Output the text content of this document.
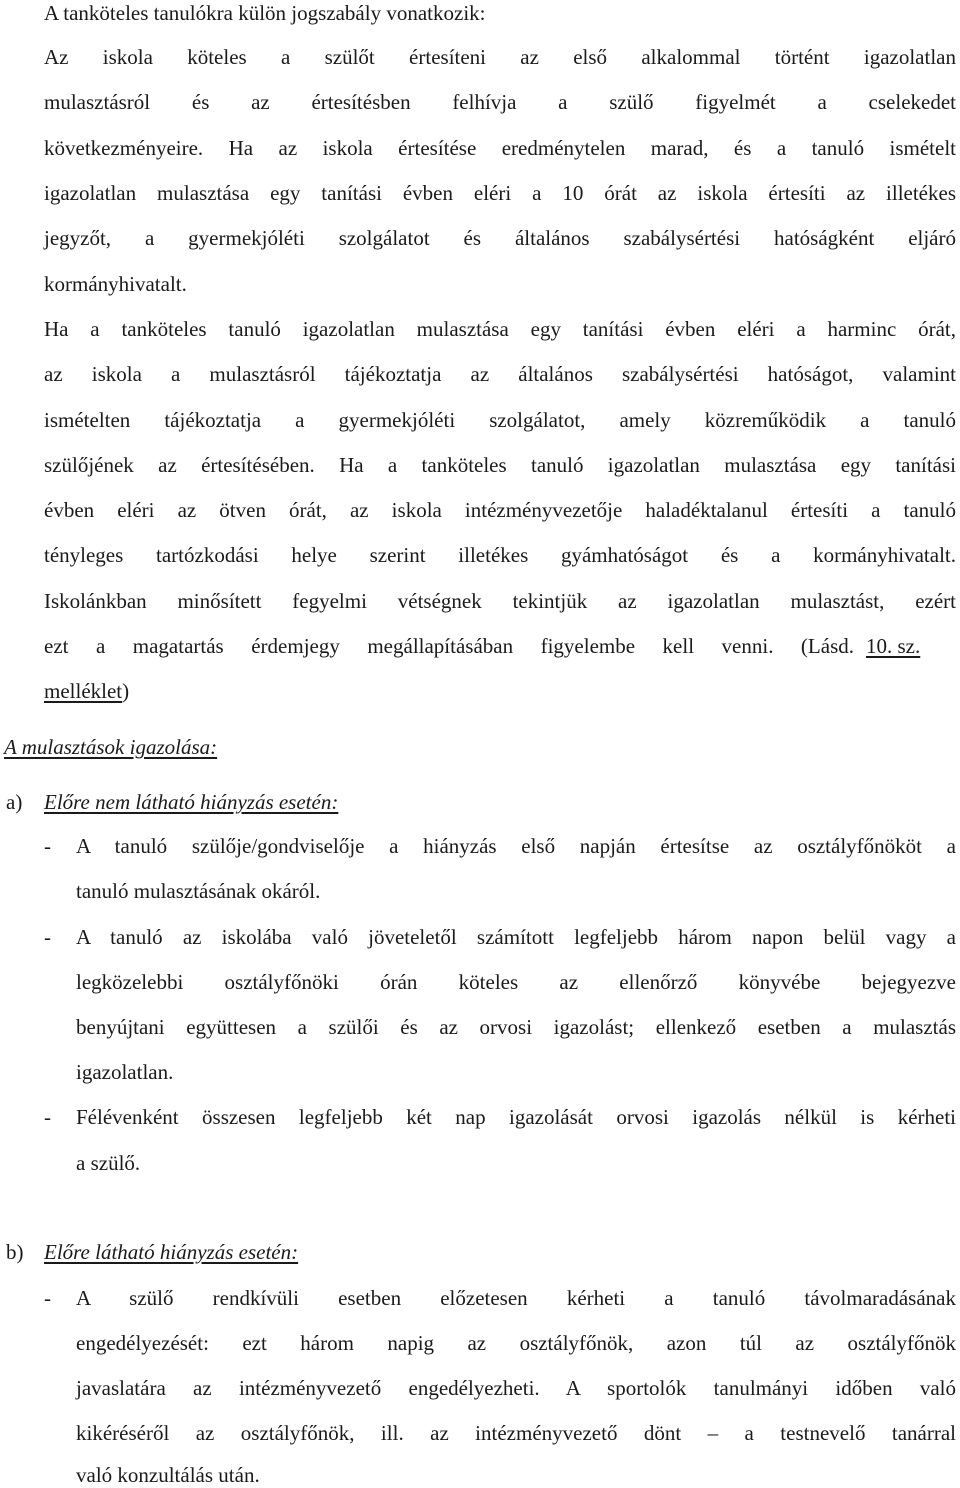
A tanköteles tanulókra külön jogszabály vonatkozik:
Az iskola köteles a szülőt értesíteni az első alkalommal történt igazolatlan
mulasztásról és az értesítésben felhívja a szülő figyelmét a cselekedet
következményeire. Ha az iskola értesítése eredménytelen marad, és a tanuló ismételt
igazolatlan mulasztása egy tanítási évben eléri a 10 órát az iskola értesíti az illetékes
jegyzőt, a gyermekjóléti szolgálatot és általános szabálysértési hatóságként eljáró
kormányhivatalt.
Ha a tanköteles tanuló igazolatlan mulasztása egy tanítási évben eléri a harminc órát,
az iskola a mulasztásról tájékoztatja az általános szabálysértési hatóságot, valamint
ismételten tájékoztatja a gyermekjóléti szolgálatot, amely közreműködik a tanuló
szülőjének az értesítésében. Ha a tanköteles tanuló igazolatlan mulasztása egy tanítási
évben eléri az ötven órát, az iskola intézményvezetője haladéktalanul értesíti a tanuló
tényleges tartózkodási helye szerint illetékes gyámhatóságot és a kormányhivatalt.
Iskolánkban minősített fegyelmi vétségnek tekintjük az igazolatlan mulasztást, ezért
ezt a magatartás érdemjegy megállapításában figyelembe kell venni. (Lásd. 10. sz.
melléklet)
A mulasztások igazolása:
a) Előre nem látható hiányzás esetén:
- A tanuló szülője/gondviselője a hiányzás első napján értesítse az osztályfőnököt a
tanuló mulasztásának okáról.
- A tanuló az iskolába való jöveteletől számított legfeljebb három napon belül vagy a
legközelebbi osztályfőnöki órán köteles az ellenőrző könyvébe bejegyezve
benyújtani együttesen a szülői és az orvosi igazolást; ellenkező esetben a mulasztás
igazolatlan.
- Félévenként összesen legfeljebb két nap igazolását orvosi igazolás nélkül is kérheti
a szülő.
b) Előre látható hiányzás esetén:
- A szülő rendkívüli esetben előzetesen kérheti a tanuló távolmaradásának
engedélyezését: ezt három napig az osztályfőnök, azon túl az osztályfőnök
javaslatára az intézményvezető engedélyezheti. A sportolók tanulmányi időben való
kikéréséről az osztályfőnök, ill. az intézményvezető dönt – a testnevelő tanárral
való konzultálás után.
